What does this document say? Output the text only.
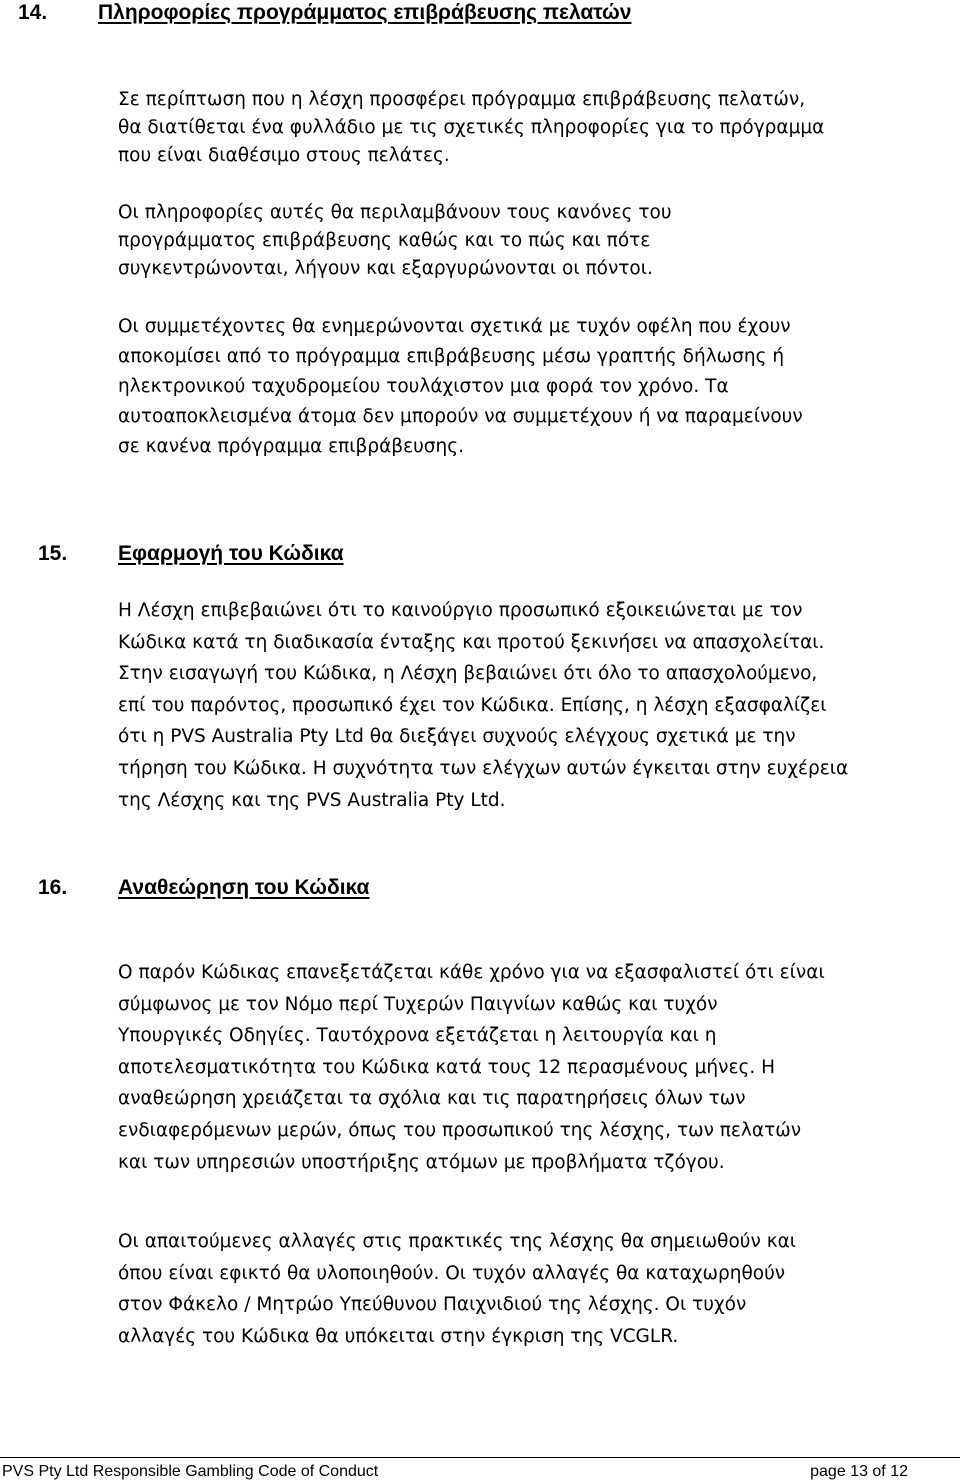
14. Πληροφορίες προγράμματος επιβράβευσης πελατών

Σε περίπτωση που η λέσχη προσφέρει πρόγραμμα επιβράβευσης πελατών,
θα διατίθεται ένα φυλλάδιο με τις σχετικές πληροφορίες για το πρόγραμμα
που είναι διαθέσιμο στους πελάτες.

Οι πληροφορίες αυτές θα περιλαμβάνουν τους κανόνες του
προγράμματος επιβράβευσης καθώς και το πώς και πότε
συγκεντρώνονται, λήγουν και εξαργυρώνονται οι πόντοι.

Οι συμμετέχοντες θα ενημερώνονται σχετικά με τυχόν οφέλη που έχουν
αποκομίσει από το πρόγραμμα επιβράβευσης μέσω γραπτής δήλωσης ή
ηλεκτρονικού ταχυδρομείου τουλάχιστον μια φορά τον χρόνο. Τα
αυτοαποκλεισμένα άτομα δεν μπορούν να συμμετέχουν ή να παραμείνουν
σε κανένα πρόγραμμα επιβράβευσης.

15. Εφαρμογή του Κώδικα

Η Λέσχη επιβεβαιώνει ότι το καινούργιο προσωπικό εξοικειώνεται με τον
Κώδικα κατά τη διαδικασία ένταξης και προτού ξεκινήσει να απασχολείται.
Στην εισαγωγή του Κώδικα, η Λέσχη βεβαιώνει ότι όλο το απασχολούμενο,
επί του παρόντος, προσωπικό έχει τον Κώδικα. Επίσης, η λέσχη εξασφαλίζει
ότι η PVS Australia Pty Ltd θα διεξάγει συχνούς ελέγχους σχετικά με την
τήρηση του Κώδικα. Η συχνότητα των ελέγχων αυτών έγκειται στην ευχέρεια
της Λέσχης και της PVS Australia Pty Ltd.

16. Αναθεώρηση του Κώδικα

Ο παρόν Κώδικας επανεξετάζεται κάθε χρόνο για να εξασφαλιστεί ότι είναι
σύμφωνος με τον Νόμο περί Τυχερών Παιγνίων καθώς και τυχόν
Υπουργικές Οδηγίες. Ταυτόχρονα εξετάζεται η λειτουργία και η
αποτελεσματικότητα του Κώδικα κατά τους 12 περασμένους μήνες. Η
αναθεώρηση χρειάζεται τα σχόλια και τις παρατηρήσεις όλων των
ενδιαφερόμενων μερών, όπως του προσωπικού της λέσχης, των πελατών
και των υπηρεσιών υποστήριξης ατόμων με προβλήματα τζόγου.

Οι απαιτούμενες αλλαγές στις πρακτικές της λέσχης θα σημειωθούν και
όπου είναι εφικτό θα υλοποιηθούν. Οι τυχόν αλλαγές θα καταχωρηθούν
στον Φάκελο / Μητρώο Υπεύθυνου Παιχνιδιού της λέσχης. Οι τυχόν
αλλαγές του Κώδικα θα υπόκειται στην έγκριση της VCGLR.

PVS Pty Ltd Responsible Gambling Code of Conduct	page 13 of 12
